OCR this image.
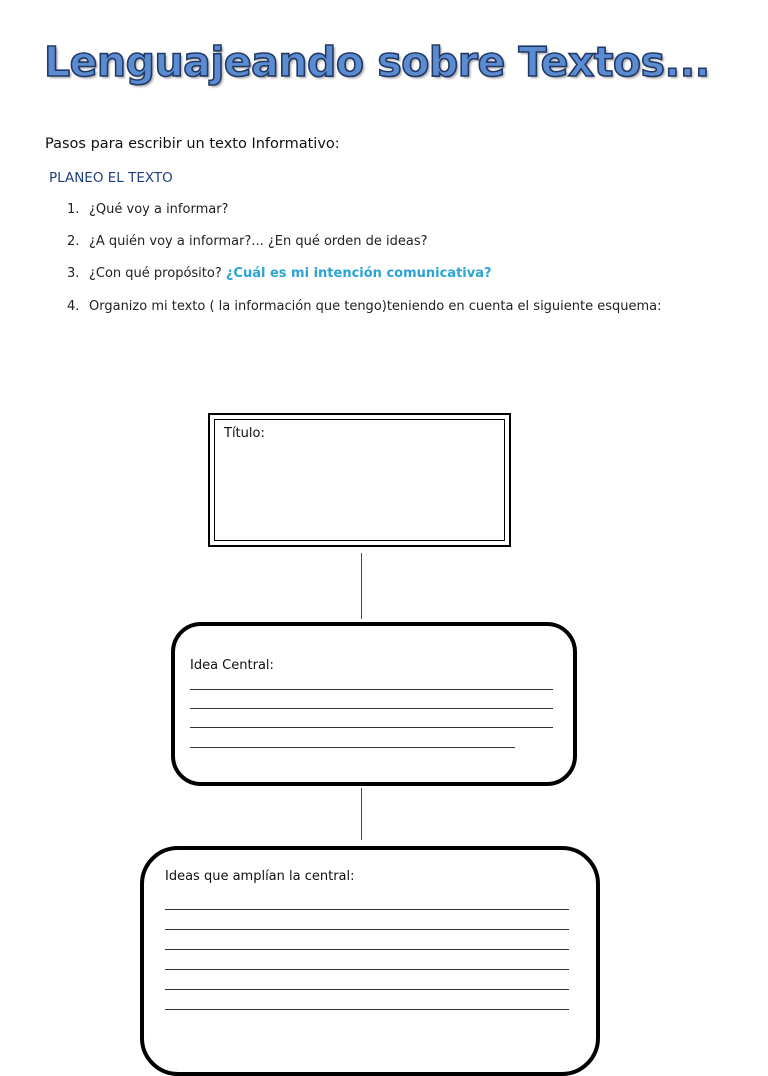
Lenguajeando sobre Textos...
Pasos para escribir un texto Informativo:
PLANEO EL TEXTO
1. ¿Qué voy a informar?
2. ¿A quién voy a informar?... ¿En qué orden de ideas?
3. ¿Con qué propósito? ¿Cuál es mi intención comunicativa?
4. Organizo mi texto ( la información que tengo)teniendo en cuenta el siguiente esquema:
Título:
Idea Central:
Ideas que amplían la central:
